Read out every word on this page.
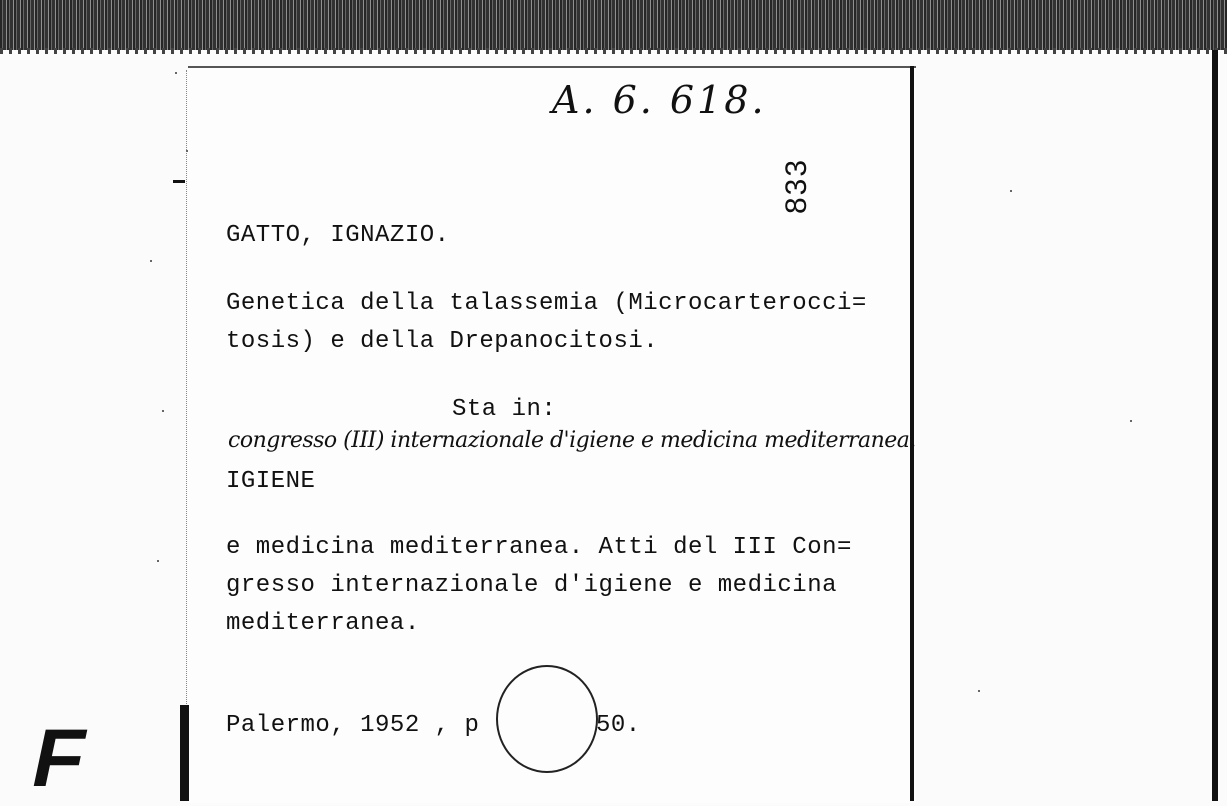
A. 6. 618.
833
GATTO, IGNAZIO.
Genetica della talassemia (Microcarterocci=
tosis) e della Drepanocitosi.
Sta in:
congresso (III) internazionale d'igiene e medicina mediterranea.
IGIENE
e medicina mediterranea. Atti del III Con=
gresso internazionale d'igiene e medicina
mediterranea.
Palermo, 1952 , p	50.
F
